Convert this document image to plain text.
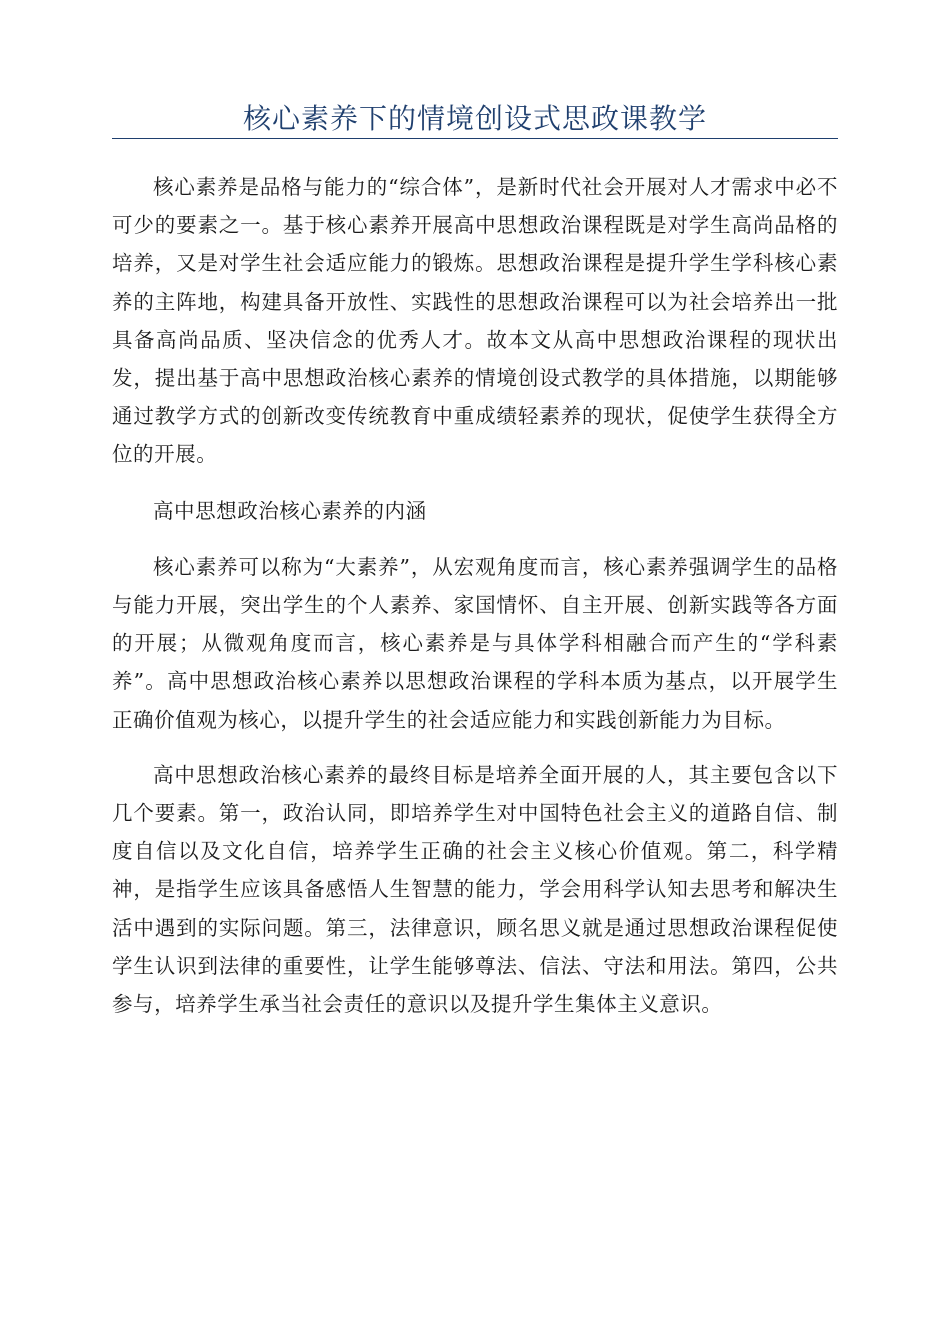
核心素养下的情境创设式思政课教学

核心素养是品格与能力的“综合体”，是新时代社会开展对人才需求中必不可少的要素之一。基于核心素养开展高中思想政治课程既是对学生高尚品格的培养，又是对学生社会适应能力的锻炼。思想政治课程是提升学生学科核心素养的主阵地，构建具备开放性、实践性的思想政治课程可以为社会培养出一批具备高尚品质、坚决信念的优秀人才。故本文从高中思想政治课程的现状出发，提出基于高中思想政治核心素养的情境创设式教学的具体措施，以期能够通过教学方式的创新改变传统教育中重成绩轻素养的现状，促使学生获得全方位的开展。

高中思想政治核心素养的内涵

核心素养可以称为“大素养”，从宏观角度而言，核心素养强调学生的品格与能力开展，突出学生的个人素养、家国情怀、自主开展、创新实践等各方面的开展；从微观角度而言，核心素养是与具体学科相融合而产生的“学科素养”。高中思想政治核心素养以思想政治课程的学科本质为基点，以开展学生正确价值观为核心，以提升学生的社会适应能力和实践创新能力为目标。

高中思想政治核心素养的最终目标是培养全面开展的人，其主要包含以下几个要素。第一，政治认同，即培养学生对中国特色社会主义的道路自信、制度自信以及文化自信，培养学生正确的社会主义核心价值观。第二，科学精神，是指学生应该具备感悟人生智慧的能力，学会用科学认知去思考和解决生活中遇到的实际问题。第三，法律意识，顾名思义就是通过思想政治课程促使学生认识到法律的重要性，让学生能够尊法、信法、守法和用法。第四，公共参与，培养学生承当社会责任的意识以及提升学生集体主义意识。
